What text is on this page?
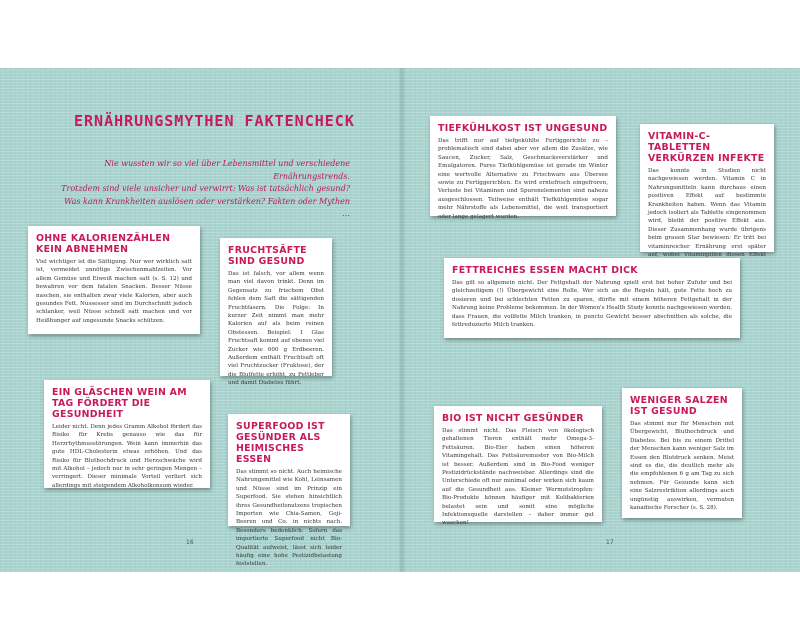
ERNÄHRUNGSMYTHEN FAKTENCHECK
Nie wussten wir so viel über Lebensmittel und verschiedene Ernährungstrends.
Trotzdem sind viele unsicher und verwirrt: Was ist tatsächlich gesund?
Was kann Krankheiten auslösen oder verstärken? Fakten oder Mythen …
OHNE KALORIENZÄHLEN KEIN ABNEHMEN

Viel wichtiger ist die Sättigung. Nur wer wirklich satt ist, vermeidet unnötige Zwischenmahlzeiten. Vor allem Gemüse und Eiweiß machen satt (s. S. 12) und bewahren vor dem fatalen Snacken. Besser Nüsse naschen, sie enthalten zwar viele Kalorien, aber auch gesundes Fett. Nussesser sind im Durchschnitt jedoch schlanker, weil Nüsse schnell satt machen und vor Heißhunger auf ungesunde Snacks schützen.

FRUCHTSÄFTE SIND GESUND

Das ist falsch, vor allem wenn man viel davon trinkt. Denn im Gegensatz zu frischem Obst fehlen dem Saft die sättigenden Fruchtfasern. Die Folge: In kurzer Zeit nimmt man mehr Kalorien auf als beim reinen Obstessen. Beispiel: 1 Glas Fruchtsaft kommt auf ebenso viel Zucker wie 600 g Erdbeeren. Außerdem enthält Fruchtsaft oft viel Fruchtzucker (Fruktose), der die Blutfette erhöht, zu Fettleber und damit Diabetes führt.

EIN GLÄSCHEN WEIN AM TAG FÖRDERT DIE GESUNDHEIT

Leider nicht. Denn jedes Gramm Alkohol fördert das Risiko für Krebs genauso wie das für Herzrhythmusstörungen. Wein kann immerhin das gute HDL-Cholesterin etwas erhöhen. Und das Risiko für Bluthochdruck und Herzschwäche wird mit Alkohol – jedoch nur in sehr geringen Mengen – verringert. Dieser minimale Vorteil verliert sich allerdings mit steigendem Alkoholkonsum wieder.

SUPERFOOD IST GESÜNDER ALS HEIMISCHES ESSEN

Das stimmt so nicht. Auch heimische Nahrungsmittel wie Kohl, Leinsamen und Nüsse sind im Prinzip ein Superfood. Sie stehen hinsichtlich ihres Gesundheitsnutzens tropischen Importen wie Chia-Samen, Goji-Beeren und Co. in nichts nach. Besonders bedenklich: Sofern das importierte Superfood nicht Bio-Qualität aufweist, lässt sich leider häufig eine hohe Pestizidbelastung feststellen.

TIEFKÜHLKOST IST UNGESUND

Das trifft nur auf tiefgekühlte Fertiggerichte zu – problematisch sind dabei aber vor allem die Zusätze, wie Saucen, Zucker, Salz, Geschmacksverstärker und Emulgatoren. Pures Tiefkühlgemüse ist gerade im Winter eine wertvolle Alternative zu Frischware aus Übersee sowie zu Fertiggerichten. Es wird erntefrisch eingefroren, Verluste bei Vitaminen und Spurenelementen sind nahezu ausgeschlossen. Teilweise enthält Tiefkühlgemüse sogar mehr Nährstoffe als Lebensmittel, die weit transportiert oder lange gelagert wurden.

VITAMIN-C-TABLETTEN VERKÜRZEN INFEKTE

Das konnte in Studien nicht nachgewiesen werden. Vitamin C in Nahrungsmitteln kann durchaus einen positiven Effekt auf bestimmte Krankheiten haben. Wenn das Vitamin jedoch isoliert als Tablette eingenommen wird, bleibt der positive Effekt aus. Dieser Zusammenhang wurde übrigens beim grauen Star bewiesen: Er tritt bei vitaminreicher Ernährung erst später auf, wobei Vitaminpillen diesen Effekt

FETTREICHES ESSEN MACHT DICK

Das gilt so allgemein nicht. Der Fettgehalt der Nahrung spielt erst bei hoher Zufuhr und bei gleichzeitigem (!) Übergewicht eine Rolle. Wer sich an die Regeln hält, gute Fette hoch zu dosieren und bei schlechten Fetten zu sparen, dürfte mit einem höheren Fettgehalt in der Nahrung keine Probleme bekommen. In der Women's Health Study konnte nachgewiesen werden, dass Frauen, die vollfette Milch tranken, in puncto Gewicht besser abschnitten als solche, die fettreduzierte Milch tranken.

BIO IST NICHT GESÜNDER

Das stimmt nicht. Das Fleisch von ökologisch gehaltenen Tieren enthält mehr Omega-3-Fettsäuren. Bio-Eier haben einen höheren Vitamingehalt. Das Fettsäuremuster von Bio-Milch ist besser. Außerdem sind in Bio-Food weniger Pestizidrückstände nachweisbar. Allerdings sind die Unterschiede oft nur minimal oder wirken sich kaum auf die Gesundheit aus. Kleiner Wermutstropfen: Bio-Produkte können häufiger mit Kolibakterien belastet sein und somit eine mögliche Infektionsquelle darstellen – daher immer gut waschen!

WENIGER SALZEN IST GESUND

Das stimmt nur für Menschen mit Übergewicht, Bluthochdruck und Diabetes. Bei bis zu einem Drittel der Menschen kann weniger Salz im Essen den Blutdruck senken. Meist sind es die, die deutlich mehr als die empfohlenen 6 g am Tag zu sich nehmen. Für Gesunde kann sich eine Salzrestriktion allerdings auch ungünstig auswirken, vermuten kanadische Forscher (s. S. 28).

16	17
